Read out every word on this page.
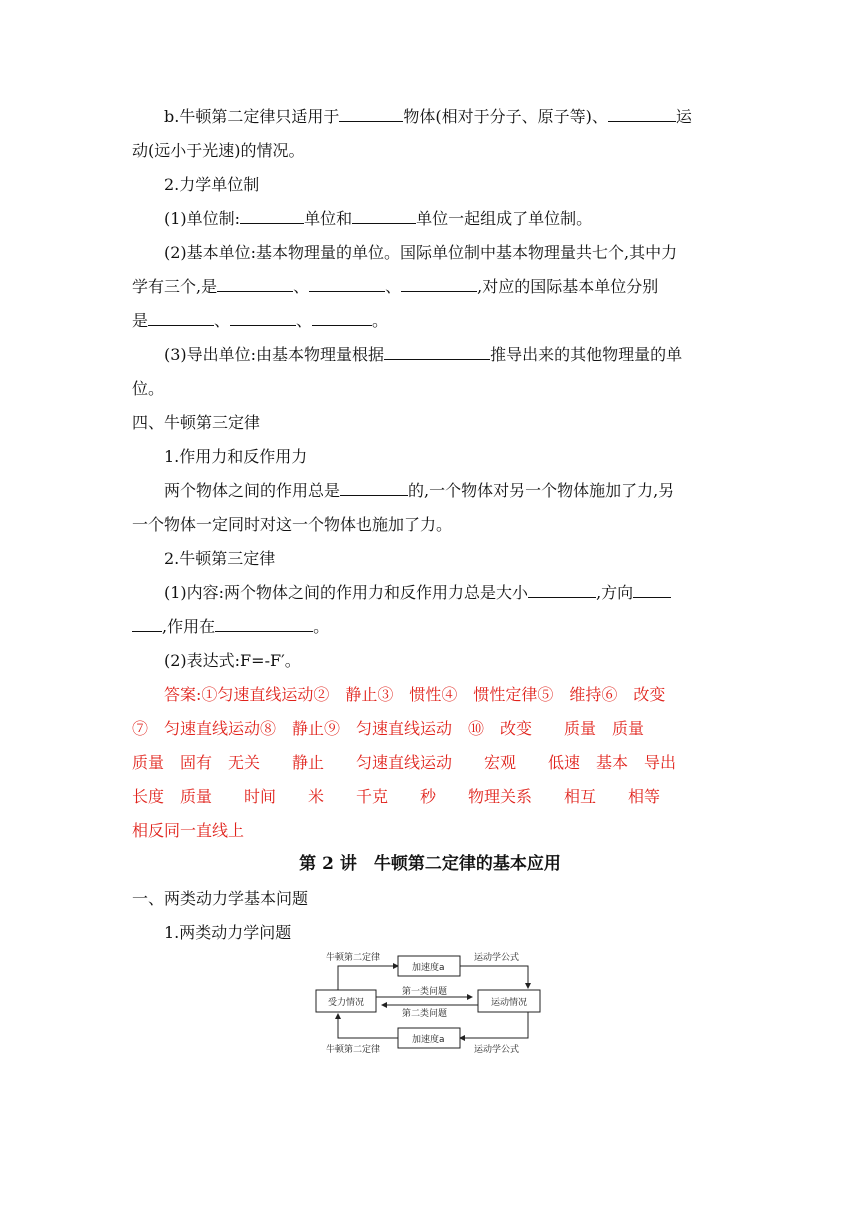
b.牛顿第二定律只适用于	物体(相对于分子、原子等)、	运
动(远小于光速)的情况。
2.力学单位制
(1)单位制:	单位和	单位一起组成了单位制。
(2)基本单位:基本物理量的单位。国际单位制中基本物理量共七个,其中力
学有三个,是	、	、	,对应的国际基本单位分别
是	、	、	。
(3)导出单位:由基本物理量根据	推导出来的其他物理量的单
位。
四、牛顿第三定律
1.作用力和反作用力
两个物体之间的作用总是	的,一个物体对另一个物体施加了力,另
一个物体一定同时对这一个物体也施加了力。
2.牛顿第三定律
(1)内容:两个物体之间的作用力和反作用力总是大小	,方向
,作用在	。
(2)表达式:F=-F′。
答案:①匀速直线运动②　静止③　惯性④　惯性定律⑤　维持⑥　改变
⑦　匀速直线运动⑧　静止⑨　匀速直线运动　⑩　改变　　质量　质量
质量　固有　无关　　静止　　匀速直线运动　　宏观　　低速　基本　导出
长度　质量　　时间　　米　　千克　　秒　　物理关系　　相互　　相等
相反同一直线上
第 2 讲　牛顿第二定律的基本应用
一、两类动力学基本问题
1.两类动力学问题
牛顿第二定律
加速度a
运动学公式
受力情况	运动情况
第一类问题
第二类问题
牛顿第二定律
加速度a
运动学公式
